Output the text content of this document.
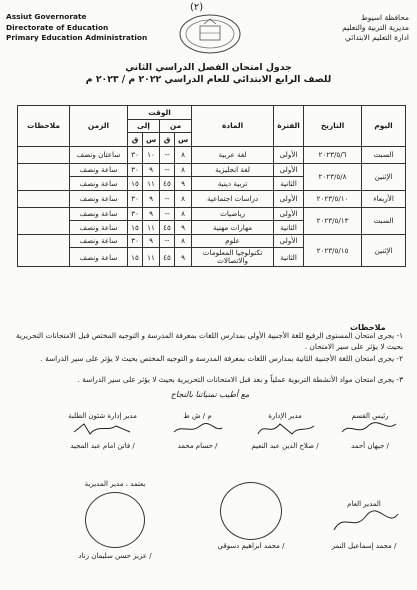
(٢)
Assiut Governorate
Directorate of Education
Primary Education Administration
محافظة اسيوط
مديرية التربية والتعليم
ادارة التعليم الابتدائي
جدول امتحان الفصل الدراسي الثاني
للصف الرابع الابتدائي للعام الدراسي ٢٠٢٢ م / ٢٠٢٣ م
اليوم	التاريخ	الفترة	المادة	الوقت				الزمن	ملاحظات
				من		إلى			
				س	ق	س	ق		
السبت	٢٠٢٣/٥/٦	الأولى	لغة عربية	٨	--	١٠	٣٠	ساعتان ونصف	
الإثنين	٢٠٢٣/٥/٨	الأولى	لغة انجليزية	٨	--	٩	٣٠	ساعة ونصف	
		الثانية	تربية دينية	٩	٤٥	١١	١٥	ساعة ونصف	
الأربعاء	٢٠٢٣/٥/١٠	الأولى	دراسات اجتماعية	٨	--	٩	٣٠	ساعة ونصف	
السبت	٢٠٢٣/٥/١٣	الأولى	رياضيات	٨	--	٩	٣٠	ساعة ونصف	
		الثانية	مهارات مهنية	٩	٤٥	١١	١٥	ساعة ونصف	
الإثنين	٢٠٢٣/٥/١٥	الأولى	علوم	٨	--	٩	٣٠	ساعة ونصف	
		الثانية	تكنولوجيا المعلومات والاتصالات	٩	٤٥	١١	١٥	ساعة ونصف	
ملاحظات
١- يجرى امتحان المستوى الرفيع للغة الأجنبية الأولى بمدارس اللغات بمعرفة المدرسة و التوجيه المختص قبل الامتحانات التحريرية بحيث لا يؤثر على سير الامتحان .
٢- يجرى امتحان اللغة الأجنبية الثانية بمدارس اللغات بمعرفة المدرسة و التوجيه المختص بحيث لا يؤثر على سير الدراسة .
٣- يجرى امتحان مواد الأنشطة التربوية عملياً و بعد قبل الامتحانات التحريرية بحيث لا يؤثر على سير الدراسة .
مع أطيب تمنياتنا بالنجاح
رئيس القسم
/ جيهان أحمد
مدير الإدارة
/ صلاح الدين عبد النعيم
م / ش ط
/ حسام محمد
مدير إدارة شئون الطلبة
/ فاتن امام عبد المجيد
المدير العام
/ محمد إسماعيل النمر
/ محمد ابراهيم دسوقي
يعتمد ، مدير المديرية
/ عزيز حسن سليمان زناد
